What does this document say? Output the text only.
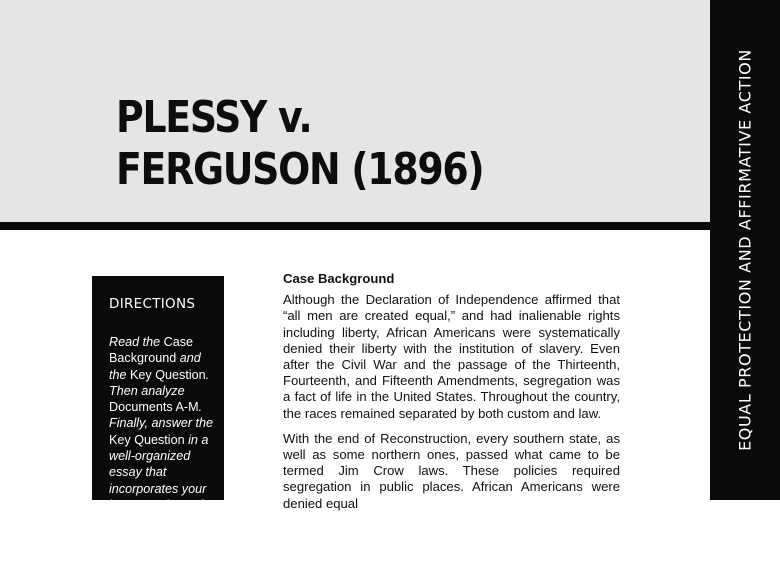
PLESSY v.
FERGUSON (1896)	EQUAL PROTECTION AND AFFIRMATIVE ACTION
DIRECTIONS

Read the Case Background and the Key Question. Then analyze Documents A-M. Finally, answer the Key Question in a well-organized essay that incorporates your interpretations of Documents A-M, as well as your own knowledge of history.

Case Background

Although the Declaration of Independence affirmed that “all men are created equal,” and had inalienable rights including liberty, African Americans were systematically denied their liberty with the institution of slavery. Even after the Civil War and the passage of the Thirteenth, Fourteenth, and Fifteenth Amendments, segregation was a fact of life in the United States. Throughout the country, the races remained separated by both custom and law.

With the end of Reconstruction, every southern state, as well as some northern ones, passed what came to be termed Jim Crow laws. These policies required segregation in public places. African Americans were denied equal
